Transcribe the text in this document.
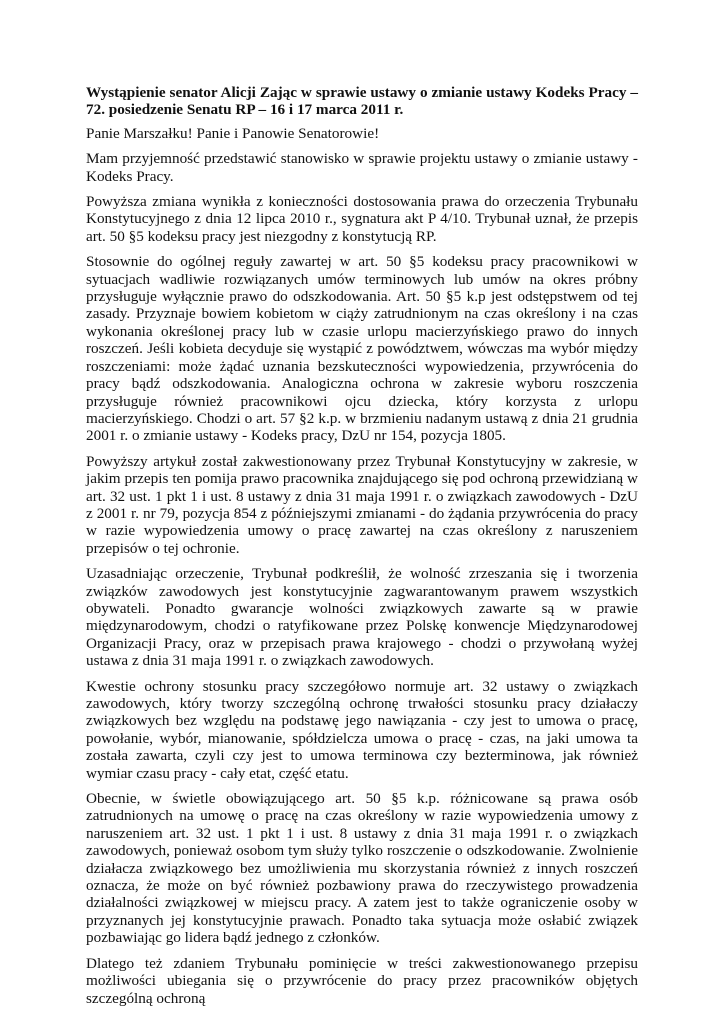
Wystąpienie senator Alicji Zając w sprawie ustawy o zmianie ustawy Kodeks Pracy – 72. posiedzenie Senatu RP – 16 i 17 marca 2011 r.

Panie Marszałku! Panie i Panowie Senatorowie!

Mam przyjemność przedstawić stanowisko w sprawie projektu ustawy o zmianie ustawy - Kodeks Pracy.

Powyższa zmiana wynikła z konieczności dostosowania prawa do orzeczenia Trybunału Konstytucyjnego z dnia 12 lipca 2010 r., sygnatura akt P 4/10. Trybunał uznał, że przepis art. 50 §5 kodeksu pracy jest niezgodny z konstytucją RP.

Stosownie do ogólnej reguły zawartej w art. 50 §5 kodeksu pracy pracownikowi w sytuacjach wadliwie rozwiązanych umów terminowych lub umów na okres próbny przysługuje wyłącznie prawo do odszkodowania. Art. 50 §5 k.p jest odstępstwem od tej zasady. Przyznaje bowiem kobietom w ciąży zatrudnionym na czas określony i na czas wykonania określonej pracy lub w czasie urlopu macierzyńskiego prawo do innych roszczeń. Jeśli kobieta decyduje się wystąpić z powództwem, wówczas ma wybór między roszczeniami: może żądać uznania bezskuteczności wypowiedzenia, przywrócenia do pracy bądź odszkodowania. Analogiczna ochrona w zakresie wyboru roszczenia przysługuje również pracownikowi ojcu dziecka, który korzysta z urlopu macierzyńskiego. Chodzi o art. 57 §2 k.p. w brzmieniu nadanym ustawą z dnia 21 grudnia 2001 r. o zmianie ustawy - Kodeks pracy, DzU nr 154, pozycja 1805.

Powyższy artykuł został zakwestionowany przez Trybunał Konstytucyjny w zakresie, w jakim przepis ten pomija prawo pracownika znajdującego się pod ochroną przewidzianą w art. 32 ust. 1 pkt 1 i ust. 8 ustawy z dnia 31 maja 1991 r. o związkach zawodowych - DzU z 2001 r. nr 79, pozycja 854 z późniejszymi zmianami - do żądania przywrócenia do pracy w razie wypowiedzenia umowy o pracę zawartej na czas określony z naruszeniem przepisów o tej ochronie.

Uzasadniając orzeczenie, Trybunał podkreślił, że wolność zrzeszania się i tworzenia związków zawodowych jest konstytucyjnie zagwarantowanym prawem wszystkich obywateli. Ponadto gwarancje wolności związkowych zawarte są w prawie międzynarodowym, chodzi o ratyfikowane przez Polskę konwencje Międzynarodowej Organizacji Pracy, oraz w przepisach prawa krajowego - chodzi o przywołaną wyżej ustawa z dnia 31 maja 1991 r. o związkach zawodowych.

Kwestie ochrony stosunku pracy szczegółowo normuje art. 32 ustawy o związkach zawodowych, który tworzy szczególną ochronę trwałości stosunku pracy działaczy związkowych bez względu na podstawę jego nawiązania - czy jest to umowa o pracę, powołanie, wybór, mianowanie, spółdzielcza umowa o pracę - czas, na jaki umowa ta została zawarta, czyli czy jest to umowa terminowa czy bezterminowa, jak również wymiar czasu pracy - cały etat, część etatu.

Obecnie, w świetle obowiązującego art. 50 §5 k.p. różnicowane są prawa osób zatrudnionych na umowę o pracę na czas określony w razie wypowiedzenia umowy z naruszeniem art. 32 ust. 1 pkt 1 i ust. 8 ustawy z dnia 31 maja 1991 r. o związkach zawodowych, ponieważ osobom tym służy tylko roszczenie o odszkodowanie. Zwolnienie działacza związkowego bez umożliwienia mu skorzystania również z innych roszczeń oznacza, że może on być również pozbawiony prawa do rzeczywistego prowadzenia działalności związkowej w miejscu pracy. A zatem jest to także ograniczenie osoby w przyznanych jej konstytucyjnie prawach. Ponadto taka sytuacja może osłabić związek pozbawiając go lidera bądź jednego z członków.

Dlatego też zdaniem Trybunału pominięcie w treści zakwestionowanego przepisu możliwości ubiegania się o przywrócenie do pracy przez pracowników objętych szczególną ochroną
